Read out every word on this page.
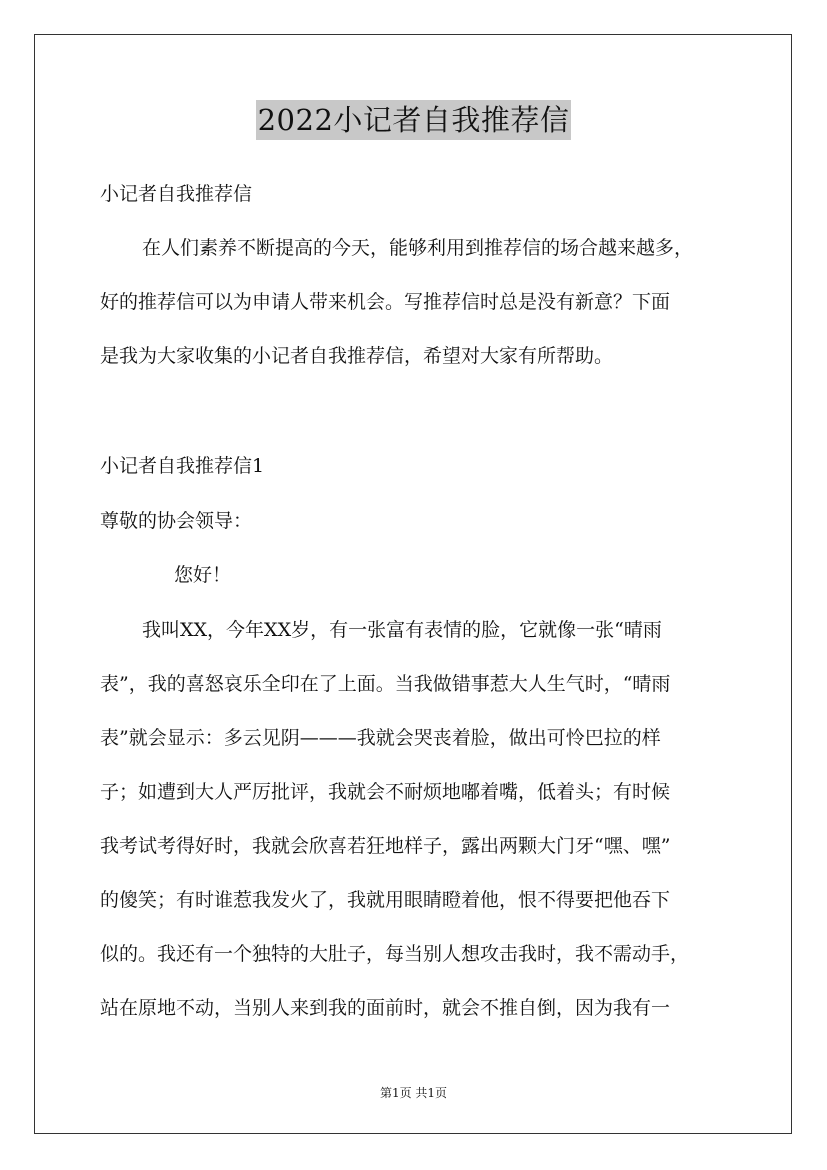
2022小记者自我推荐信
小记者自我推荐信
在人们素养不断提高的今天，能够利用到推荐信的场合越来越多，
好的推荐信可以为申请人带来机会。写推荐信时总是没有新意？下面
是我为大家收集的小记者自我推荐信，希望对大家有所帮助。
小记者自我推荐信1
尊敬的协会领导：
您好！
我叫XX，今年XX岁，有一张富有表情的脸，它就像一张“晴雨
表”，我的喜怒哀乐全印在了上面。当我做错事惹大人生气时，“晴雨
表”就会显示：多云见阴———我就会哭丧着脸，做出可怜巴拉的样
子；如遭到大人严厉批评，我就会不耐烦地嘟着嘴，低着头；有时候
我考试考得好时，我就会欣喜若狂地样子，露出两颗大门牙“嘿、嘿”
的傻笑；有时谁惹我发火了，我就用眼睛瞪着他，恨不得要把他吞下
似的。我还有一个独特的大肚子，每当别人想攻击我时，我不需动手，
站在原地不动，当别人来到我的面前时，就会不推自倒，因为我有一
第1页 共1页
